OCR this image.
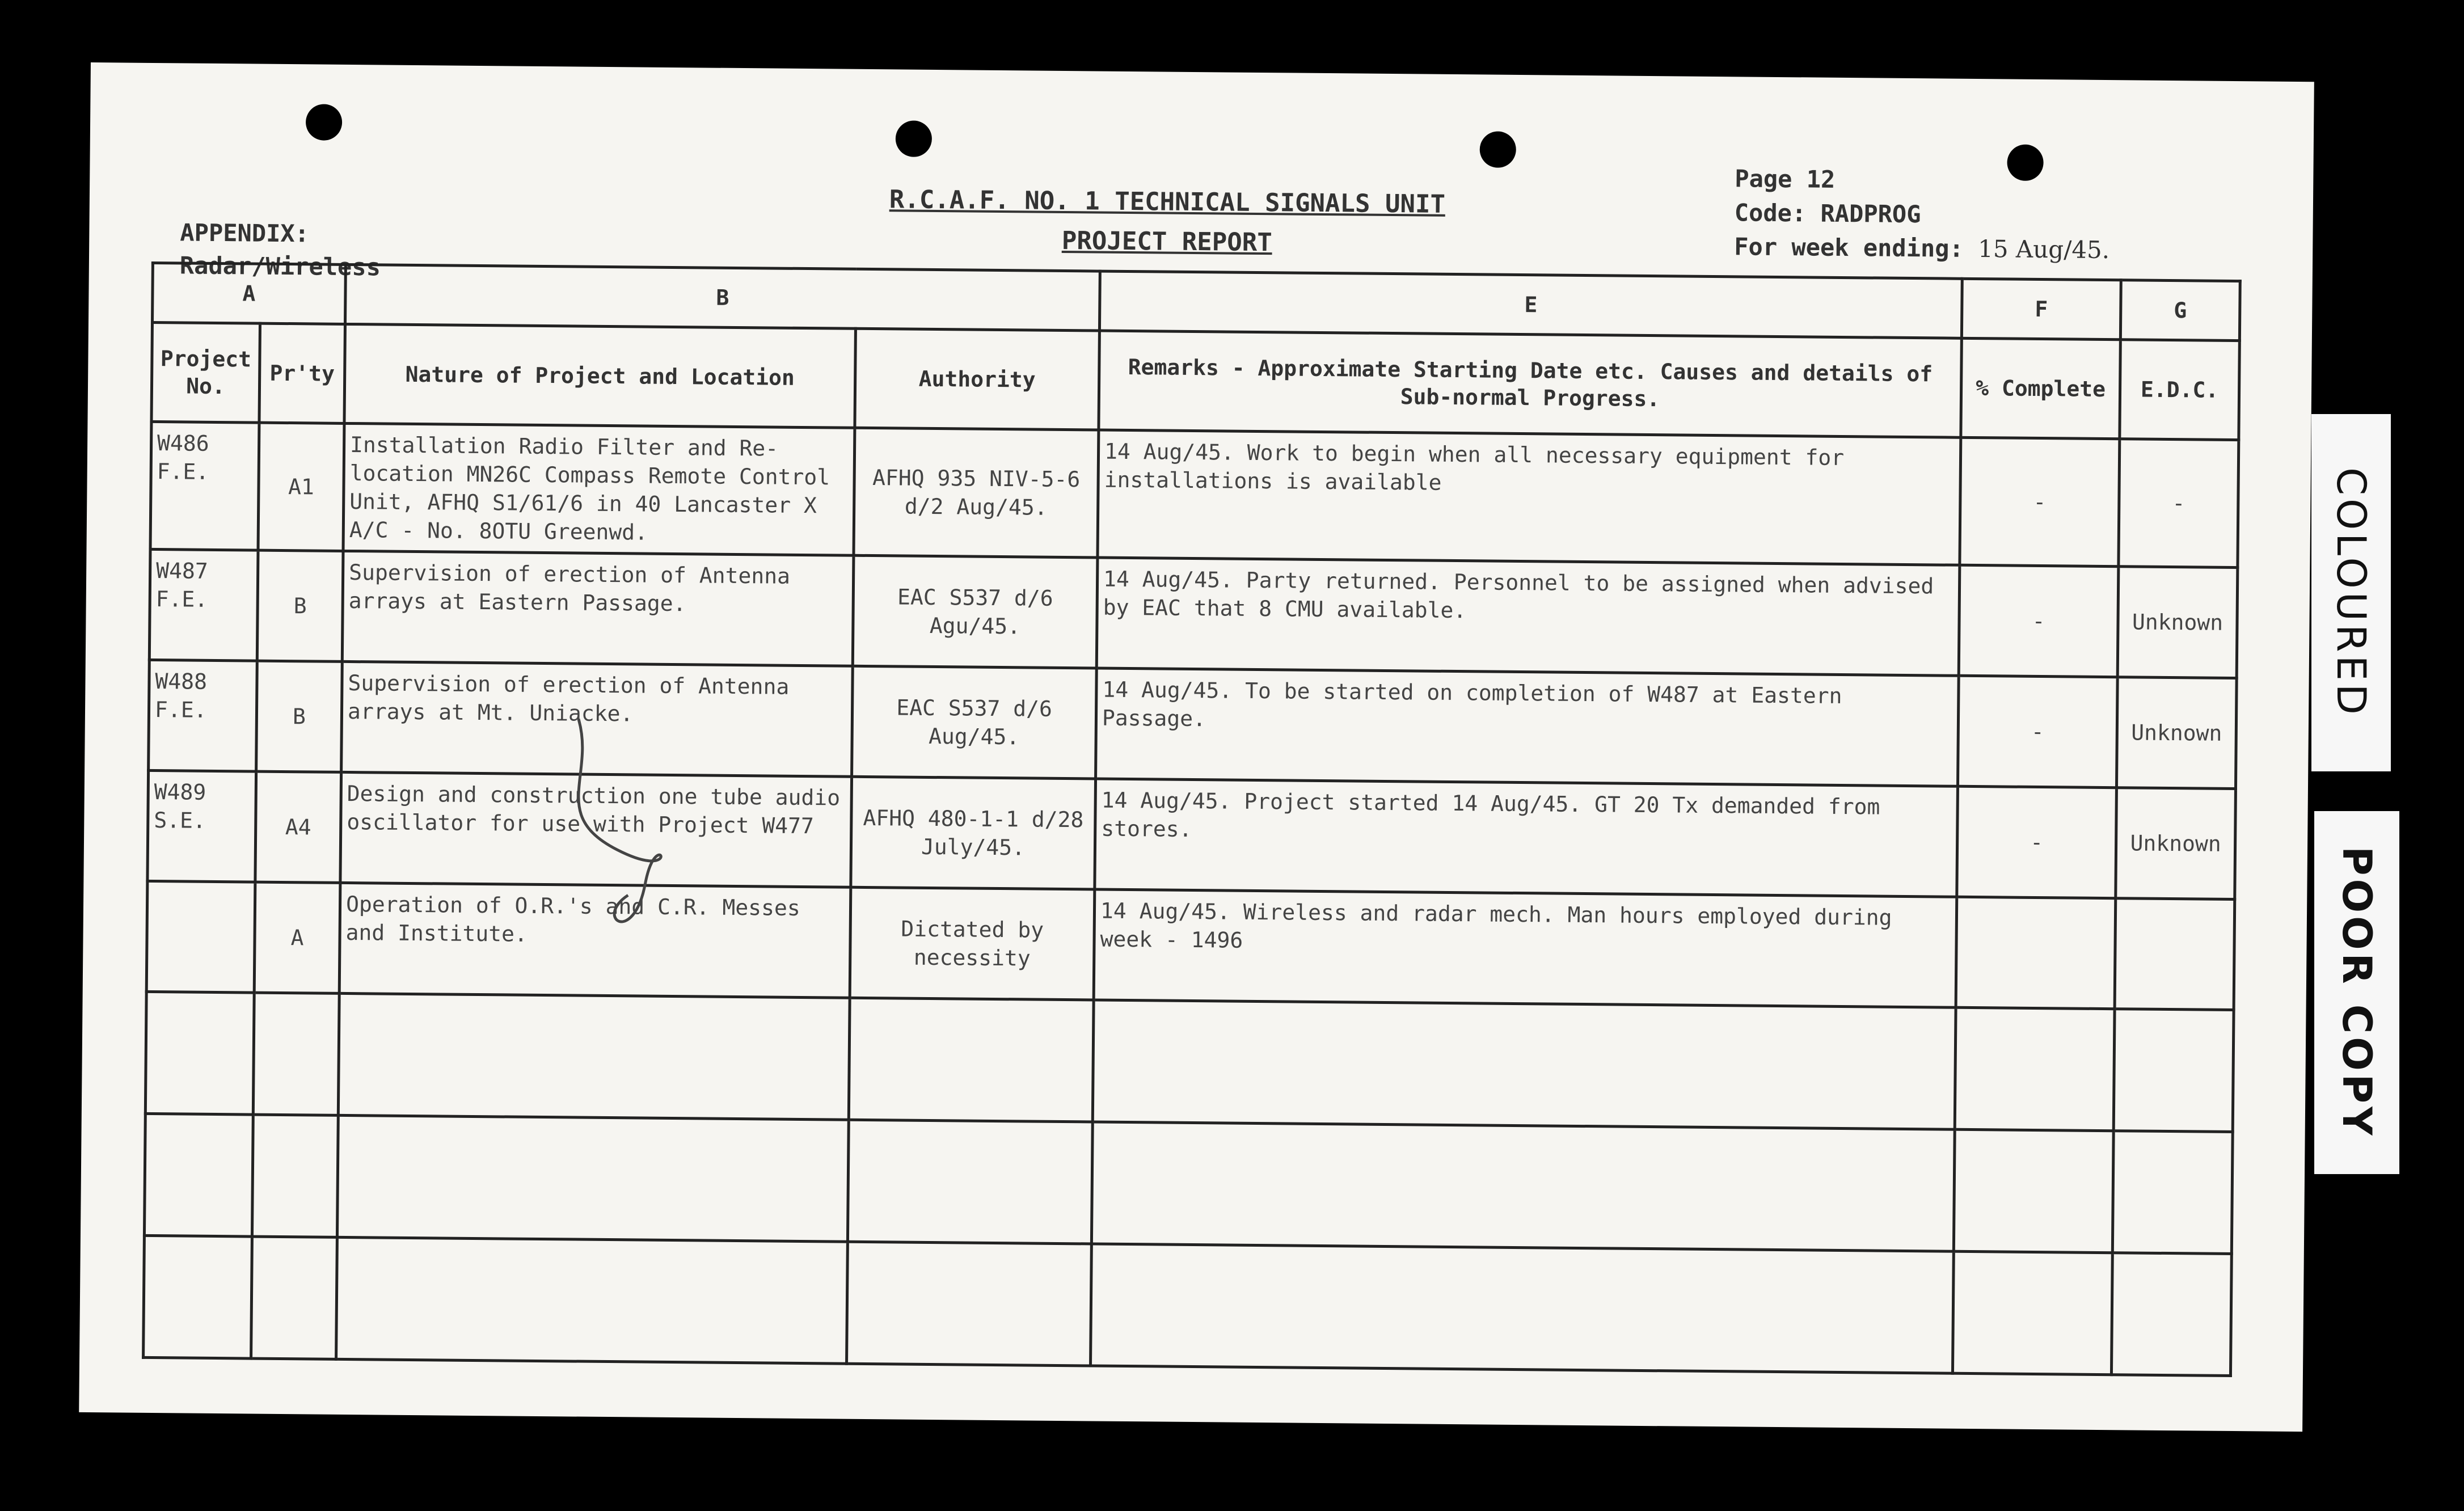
APPENDIX:
Radar/Wireless
R.C.A.F. NO. 1 TECHNICAL SIGNALS UNIT
PROJECT REPORT
Page 12
Code: RADPROG
For week ending: 15 Aug/45.
A		B		E	F	G
Project No.	Pr'ty	Nature of Project and Location	Authority	Remarks - Approximate Starting Date etc. Causes and details of Sub-normal Progress.	% Complete	E.D.C.
W486 F.E.	A1	Installation Radio Filter and Re-location MN26C Compass Remote Control Unit, AFHQ S1/61/6 in 40 Lancaster X A/C - No. 8OTU Greenwd.	AFHQ 935 NIV-5-6 d/2 Aug/45.	14 Aug/45. Work to begin when all necessary equipment for installations is available	-	-
W487 F.E.	B	Supervision of erection of Antenna arrays at Eastern Passage.	EAC S537 d/6 Agu/45.	14 Aug/45. Party returned. Personnel to be assigned when advised by EAC that 8 CMU available.	-	Unknown
W488 F.E.	B	Supervision of erection of Antenna arrays at Mt. Uniacke.	EAC S537 d/6 Aug/45.	14 Aug/45. To be started on completion of W487 at Eastern Passage.	-	Unknown
W489 S.E.	A4	Design and construction one tube audio oscillator for use with Project W477	AFHQ 480-1-1 d/28 July/45.	14 Aug/45. Project started 14 Aug/45. GT 20 Tx demanded from stores.	-	Unknown
	A	Operation of O.R.'s and C.R. Messes and Institute.	Dictated by necessity	14 Aug/45. Wireless and radar mech. Man hours employed during week - 1496		

COLOURED
POOR COPY
